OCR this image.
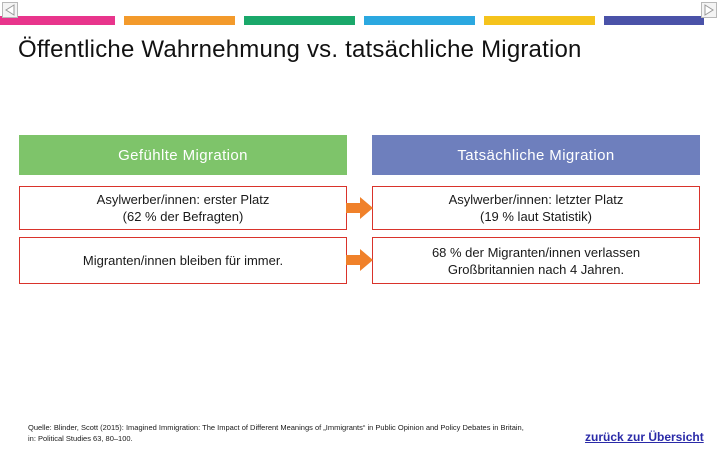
Öffentliche Wahrnehmung vs. tatsächliche Migration
Gefühlte Migration	Tatsächliche Migration
Asylwerber/innen: erster Platz
(62 % der Befragten)
Asylwerber/innen: letzter Platz
(19 % laut Statistik)
Migranten/innen bleiben für immer.
68 % der Migranten/innen verlassen
Großbritannien nach 4 Jahren.
Quelle: Blinder, Scott (2015): Imagined Immigration: The Impact of Different Meanings of „Immigrants“ in Public Opinion and Policy Debates in Britain,
in: Political Studies 63, 80–100.	zurück zur Übersicht
